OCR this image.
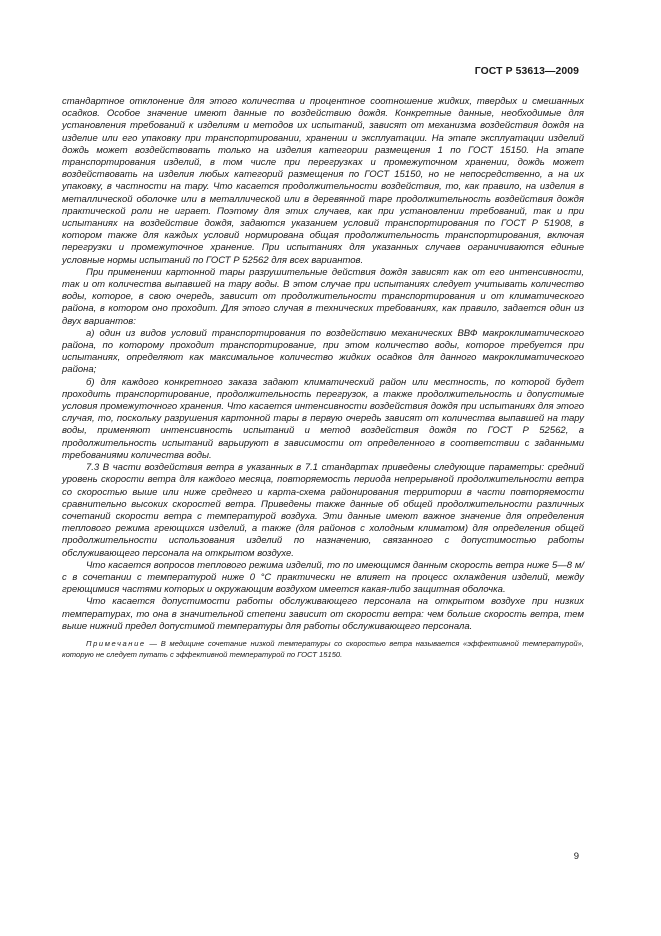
ГОСТ Р 53613—2009

стандартное отклонение для этого количества и процентное соотношение жидких, твердых и смешанных осадков. Особое значение имеют данные по воздействию дождя. Конкретные данные, необходимые для установления требований к изделиям и методов их испытаний, зависят от механизма воздействия дождя на изделие или его упаковку при транспортировании, хранении и эксплуатации. На этапе эксплуатации изделий дождь может воздействовать только на изделия категории размещения 1 по ГОСТ 15150. На этапе транспортирования изделий, в том числе при перегрузках и промежуточном хранении, дождь может воздействовать на изделия любых категорий размещения по ГОСТ 15150, но не непосредственно, а на их упаковку, в частности на тару. Что касается продолжительности воздействия, то, как правило, на изделия в металлической оболочке или в металлической или в деревянной таре продолжительность воздействия дождя практической роли не играет. Поэтому для этих случаев, как при установлении требований, так и при испытаниях на воздействие дождя, задаются указанием условий транспортирования по ГОСТ Р 51908, в котором также для каждых условий нормирована общая продолжительность транспортирования, включая перегрузки и промежуточное хранение. При испытаниях для указанных случаев ограничиваются единые условные нормы испытаний по ГОСТ Р 52562 для всех вариантов.

При применении картонной тары разрушительные действия дождя зависят как от его интенсивности, так и от количества выпавшей на тару воды. В этом случае при испытаниях следует учитывать количество воды, которое, в свою очередь, зависит от продолжительности транспортирования и от климатического района, в котором оно проходит. Для этого случая в технических требованиях, как правило, задается один из двух вариантов:

а) один из видов условий транспортирования по воздействию механических ВВФ макроклиматического района, по которому проходит транспортирование, при этом количество воды, которое требуется при испытаниях, определяют как максимальное количество жидких осадков для данного макроклиматического района;

б) для каждого конкретного заказа задают климатический район или местность, по которой будет проходить транспортирование, продолжительность перегрузок, а также продолжительность и допустимые условия промежуточного хранения. Что касается интенсивности воздействия дождя при испытаниях для этого случая, то, поскольку разрушения картонной тары в первую очередь зависят от количества выпавшей на тару воды, применяют интенсивность испытаний и метод воздействия дождя по ГОСТ Р 52562, а продолжительность испытаний варьируют в зависимости от определенного в соответствии с заданными требованиями количества воды.

7.3 В части воздействия ветра в указанных в 7.1 стандартах приведены следующие параметры: средний уровень скорости ветра для каждого месяца, повторяемость периода непрерывной продолжительности ветра со скоростью выше или ниже среднего и карта-схема районирования территории в части повторяемости сравнительно высоких скоростей ветра. Приведены также данные об общей продолжительности различных сочетаний скорости ветра с температурой воздуха. Эти данные имеют важное значение для определения теплового режима греющихся изделий, а также (для районов с холодным климатом) для определения общей продолжительности использования изделий по назначению, связанного с допустимостью работы обслуживающего персонала на открытом воздухе.

Что касается вопросов теплового режима изделий, то по имеющимся данным скорость ветра ниже 5—8 м/с в сочетании с температурой ниже 0 °С практически не влияет на процесс охлаждения изделий, между греющимися частями которых и окружающим воздухом имеется какая-либо защитная оболочка.

Что касается допустимости работы обслуживающего персонала на открытом воздухе при низких температурах, то она в значительной степени зависит от скорости ветра: чем больше скорость ветра, тем выше нижний предел допустимой температуры для работы обслуживающего персонала.

Примечание — В медицине сочетание низкой температуры со скоростью ветра называется «эффективной температурой», которую не следует путать с эффективной температурой по ГОСТ 15150.

9
